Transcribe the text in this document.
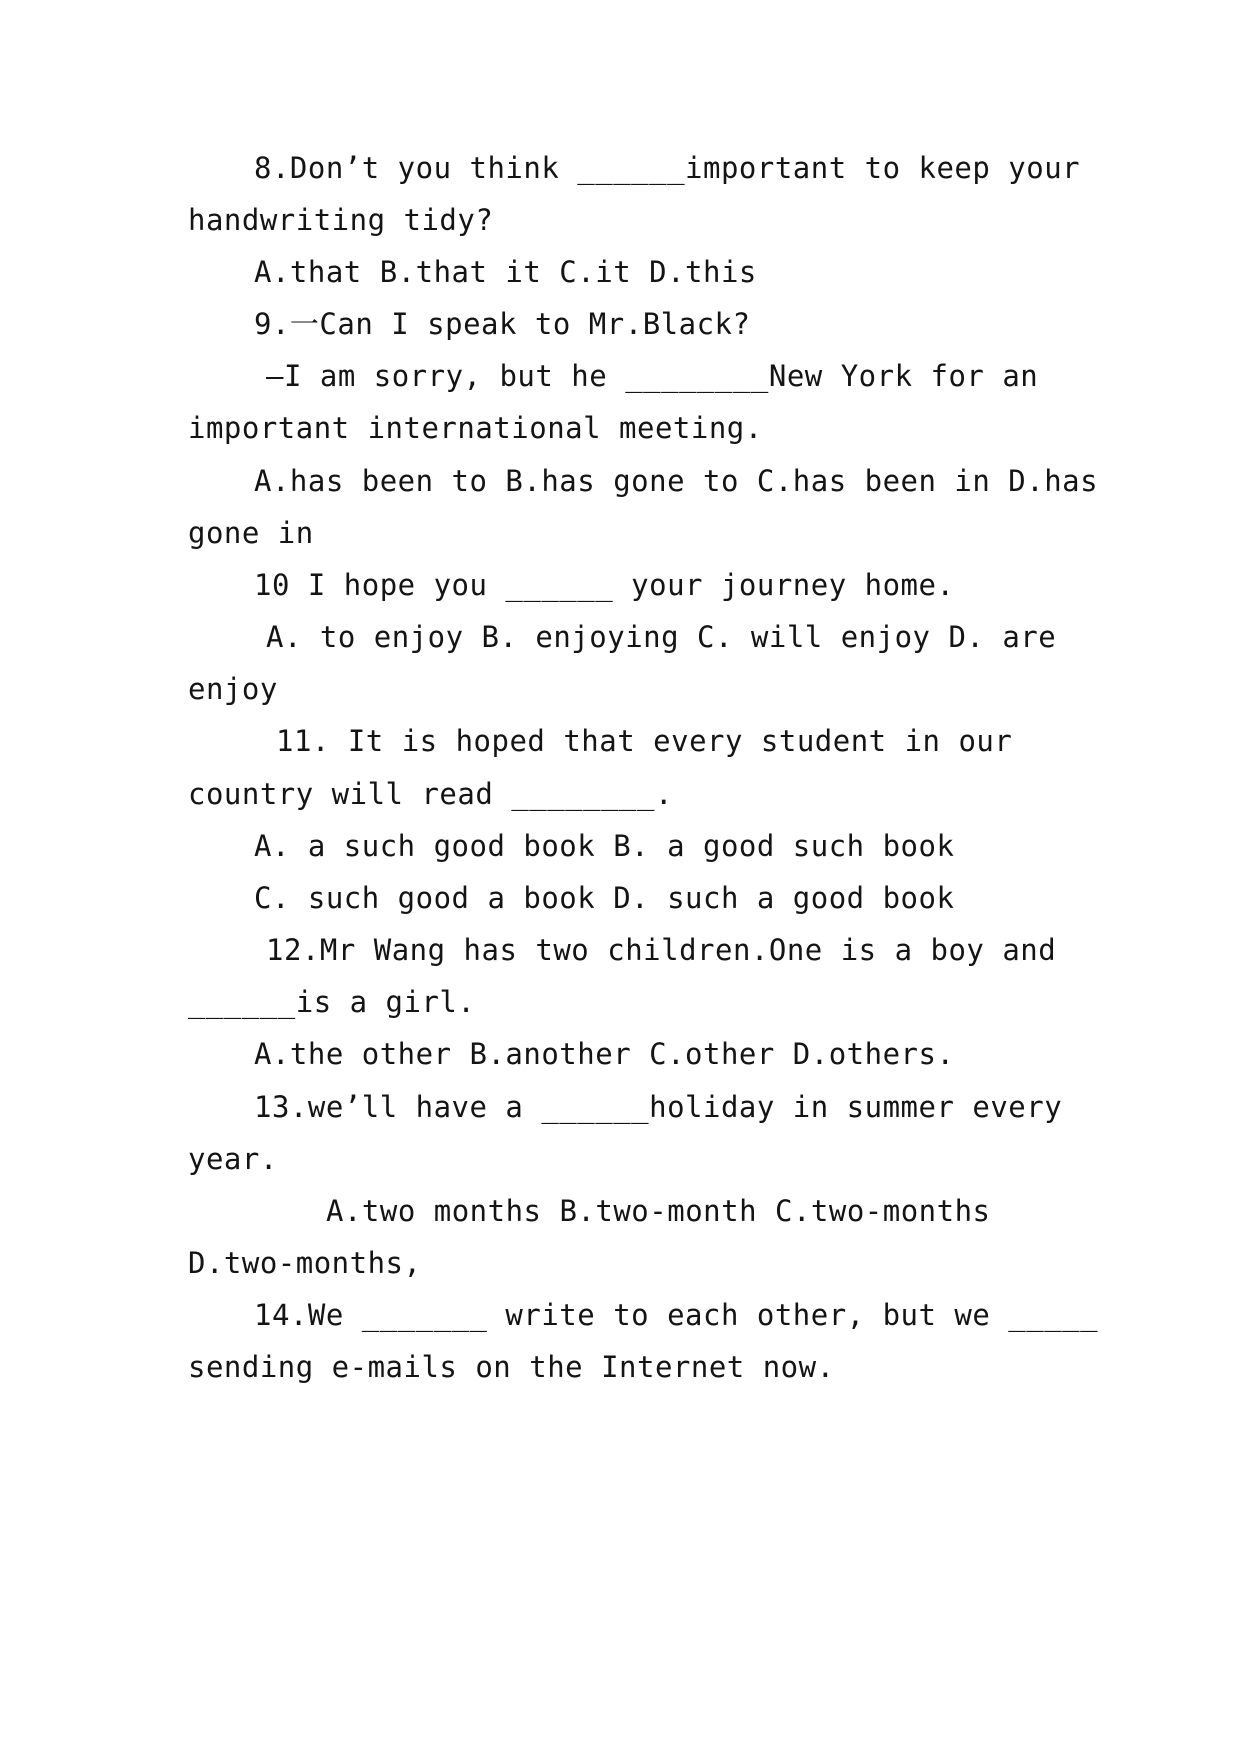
8.Don’t you think ______important to keep your
handwriting tidy?
A.that B.that it C.it D.this
9.一Can I speak to Mr.Black?
—I am sorry, but he ________New York for an
important international meeting.
A.has been to B.has gone to C.has been in D.has
gone in
10 I hope you ______ your journey home.
A. to enjoy B. enjoying C. will enjoy D. are
enjoy
11. It is hoped that every student in our
country will read ________.
A. a such good book B. a good such book
C. such good a book D. such a good book
12.Mr Wang has two children.One is a boy and
______is a girl.
A.the other B.another C.other D.others.
13.we’ll have a ______holiday in summer every
year.
A.two months B.two-month C.two-months
D.two-months,
14.We _______ write to each other, but we _____
sending e-mails on the Internet now.
